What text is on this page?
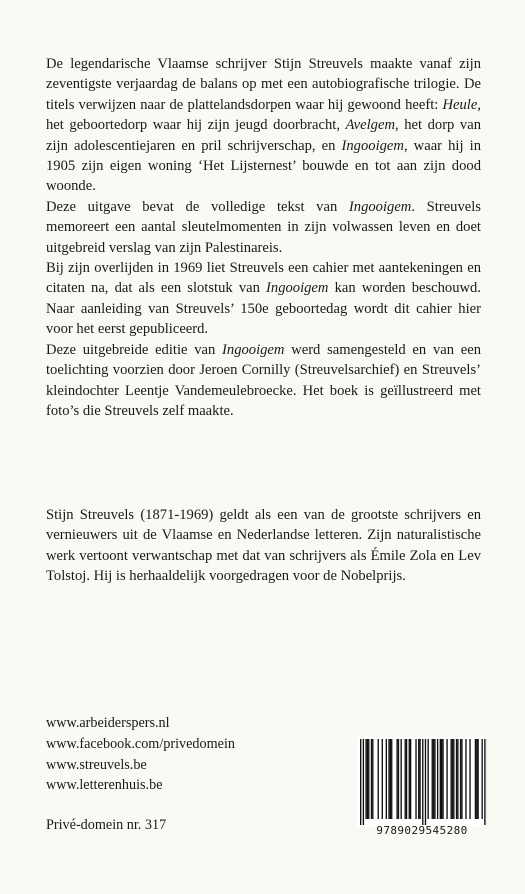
De legendarische Vlaamse schrijver Stijn Streuvels maakte vanaf zijn zeventigste verjaardag de balans op met een autobiografische trilogie. De titels verwijzen naar de plattelandsdorpen waar hij gewoond heeft: Heule, het geboortedorp waar hij zijn jeugd doorbracht, Avelgem, het dorp van zijn adolescentiejaren en pril schrijverschap, en Ingooigem, waar hij in 1905 zijn eigen woning ‘Het Lijsternest’ bouwde en tot aan zijn dood woonde.

Deze uitgave bevat de volledige tekst van Ingooigem. Streuvels memoreert een aantal sleutelmomenten in zijn volwassen leven en doet uitgebreid verslag van zijn Palestinareis.

Bij zijn overlijden in 1969 liet Streuvels een cahier met aantekeningen en citaten na, dat als een slotstuk van Ingooigem kan worden beschouwd. Naar aanleiding van Streuvels’ 150e geboortedag wordt dit cahier hier voor het eerst gepubliceerd.

Deze uitgebreide editie van Ingooigem werd samengesteld en van een toelichting voorzien door Jeroen Cornilly (Streuvelsarchief) en Streuvels’ kleindochter Leentje Vandemeulebroecke. Het boek is geïllustreerd met foto’s die Streuvels zelf maakte.

Stijn Streuvels (1871-1969) geldt als een van de grootste schrijvers en vernieuwers uit de Vlaamse en Nederlandse letteren. Zijn naturalistische werk vertoont verwantschap met dat van schrijvers als Émile Zola en Lev Tolstoj. Hij is herhaaldelijk voorgedragen voor de Nobelprijs.

www.arbeiderspers.nl
www.facebook.com/privedomein
www.streuvels.be
www.letterenhuis.be
Privé-domein nr. 317	9789029545280
